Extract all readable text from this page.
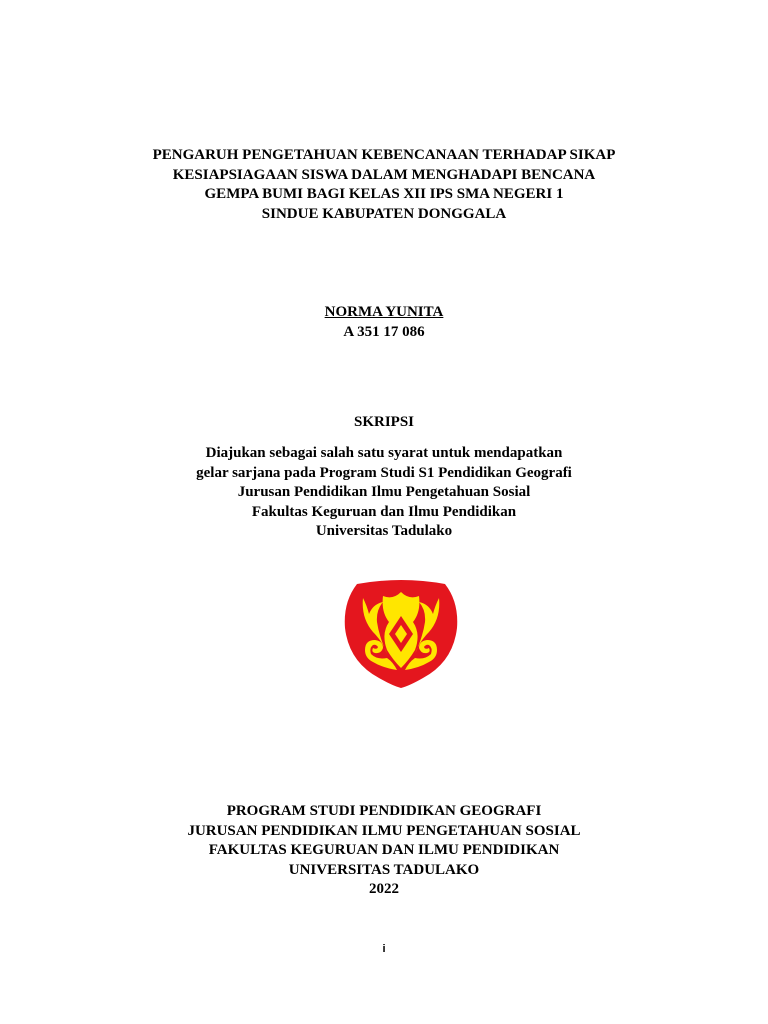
PENGARUH PENGETAHUAN KEBENCANAAN TERHADAP SIKAP
KESIAPSIAGAAN SISWA DALAM MENGHADAPI BENCANA
GEMPA BUMI BAGI KELAS XII IPS SMA NEGERI 1
SINDUE KABUPATEN DONGGALA
NORMA YUNITA
A 351 17 086
SKRIPSI
Diajukan sebagai salah satu syarat untuk mendapatkan
gelar sarjana pada Program Studi S1 Pendidikan Geografi
Jurusan Pendidikan Ilmu Pengetahuan Sosial
Fakultas Keguruan dan Ilmu Pendidikan
Universitas Tadulako
PROGRAM STUDI PENDIDIKAN GEOGRAFI
JURUSAN PENDIDIKAN ILMU PENGETAHUAN SOSIAL
FAKULTAS KEGURUAN DAN ILMU PENDIDIKAN
UNIVERSITAS TADULAKO
2022
i
